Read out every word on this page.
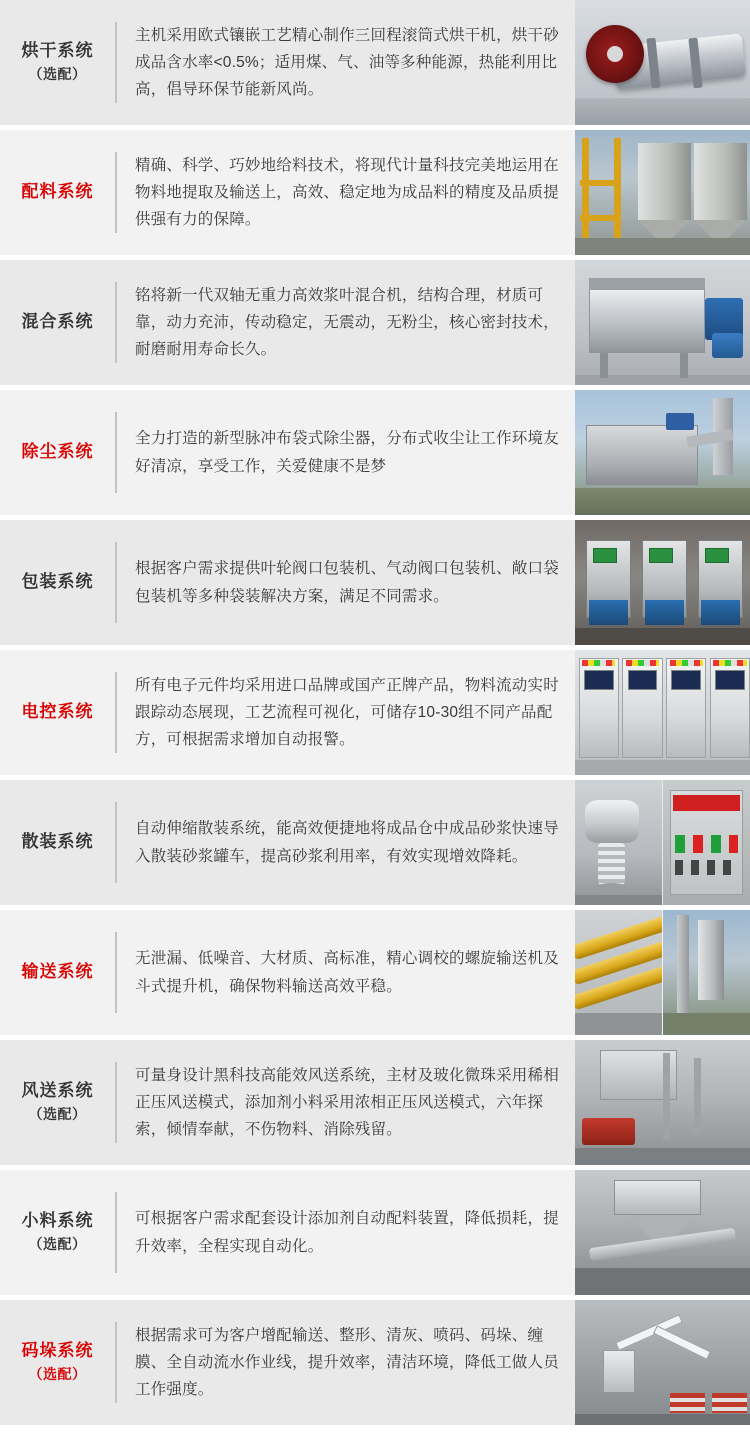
烘干系统
（选配）
主机采用欧式镶嵌工艺精心制作三回程滚筒式烘干机，烘干砂成品含水率<0.5%；适用煤、气、油等多种能源，热能利用比高，倡导环保节能新风尚。
配料系统
精确、科学、巧妙地给料技术，将现代计量科技完美地运用在物料地提取及输送上，高效、稳定地为成品料的精度及品质提供强有力的保障。
混合系统
铭将新一代双轴无重力高效浆叶混合机，结构合理，材质可靠，动力充沛，传动稳定，无震动，无粉尘，核心密封技术，耐磨耐用寿命长久。
除尘系统
全力打造的新型脉冲布袋式除尘器，分布式收尘让工作环境友好清凉，享受工作，关爱健康不是梦
包装系统
根据客户需求提供叶轮阀口包装机、气动阀口包装机、敞口袋包装机等多种袋装解决方案，满足不同需求。
电控系统
所有电子元件均采用进口品牌或国产正牌产品，物料流动实时跟踪动态展现，工艺流程可视化，可储存10-30组不同产品配方，可根据需求增加自动报警。
散装系统
自动伸缩散装系统，能高效便捷地将成品仓中成品砂浆快速导入散装砂浆罐车，提高砂浆利用率，有效实现增效降耗。
输送系统
无泄漏、低噪音、大材质、高标准，精心调校的螺旋输送机及斗式提升机，确保物料输送高效平稳。
风送系统
（选配）
可量身设计黑科技高能效风送系统，主材及玻化微珠采用稀相正压风送模式，添加剂小料采用浓相正压风送模式，六年探索，倾情奉献，不伤物料、消除残留。
小料系统
（选配）
可根据客户需求配套设计添加剂自动配料装置，降低损耗，提升效率，全程实现自动化。
码垛系统
（选配）
根据需求可为客户增配输送、整形、清灰、喷码、码垛、缠膜、全自动流水作业线，提升效率，清洁环境，降低工做人员工作强度。
